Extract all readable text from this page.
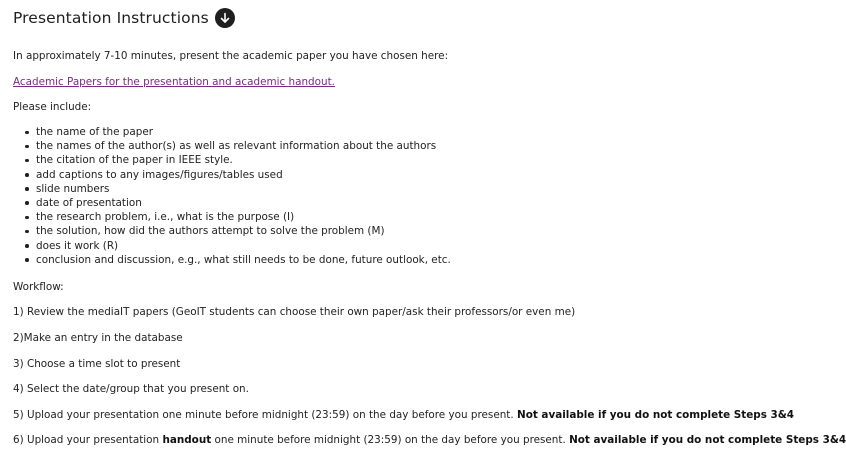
Presentation Instructions
In approximately 7-10 minutes, present the academic paper you have chosen here:
Academic Papers for the presentation and academic handout.
Please include:
the name of the paper
the names of the author(s) as well as relevant information about the authors
the citation of the paper in IEEE style.
add captions to any images/figures/tables used
slide numbers
date of presentation
the research problem, i.e., what is the purpose (I)
the solution, how did the authors attempt to solve the problem (M)
does it work (R)
conclusion and discussion, e.g., what still needs to be done, future outlook, etc.
Workflow:
1) Review the mediaIT papers (GeoIT students can choose their own paper/ask their professors/or even me)
2)Make an entry in the database
3) Choose a time slot to present
4) Select the date/group that you present on.
5) Upload your presentation one minute before midnight (23:59) on the day before you present. Not available if you do not complete Steps 3&4
6) Upload your presentation handout one minute before midnight (23:59) on the day before you present. Not available if you do not complete Steps 3&4
